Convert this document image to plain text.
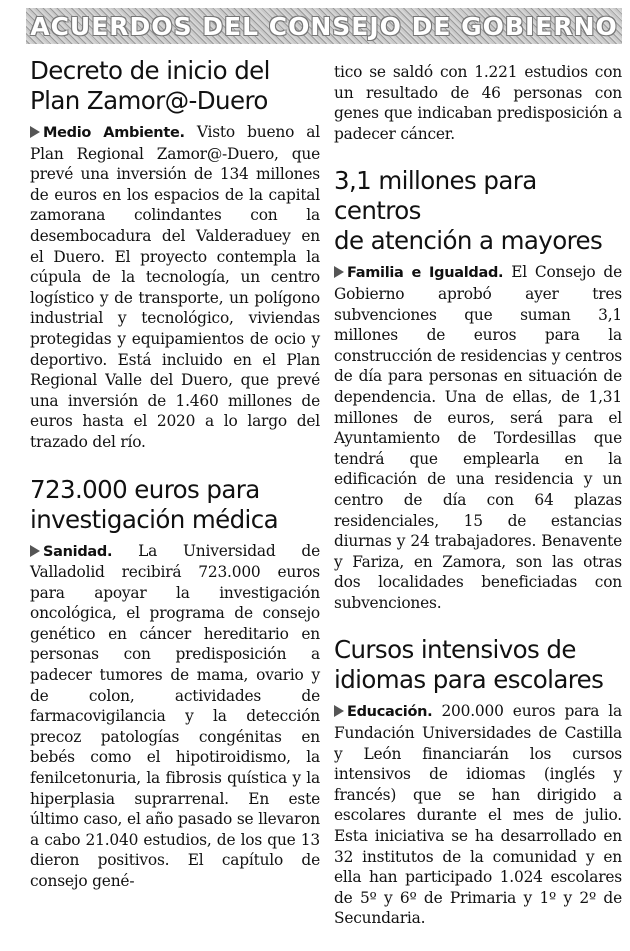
ACUERDOS DEL CONSEJO DE GOBIERNO
Decreto de inicio del
Plan Zamor@-Duero

Medio Ambiente. Visto bueno al Plan Regional Zamor@-Duero, que prevé una inversión de 134 millones de euros en los espacios de la capital zamorana colindantes con la desembocadura del Valderaduey en el Duero. El proyecto contempla la cúpula de la tecnología, un centro logístico y de transporte, un polígono industrial y tecnológico, viviendas protegidas y equipamientos de ocio y deportivo. Está incluido en el Plan Regional Valle del Duero, que prevé una inversión de 1.460 millones de euros hasta el 2020 a lo largo del trazado del río.

723.000 euros para
investigación médica

Sanidad. La Universidad de Valladolid recibirá 723.000 euros para apoyar la investigación oncológica, el programa de consejo genético en cáncer hereditario en personas con predisposición a padecer tumores de mama, ovario y de colon, actividades de farmacovigilancia y la detección precoz patologías congénitas en bebés como el hipotiroidismo, la fenilcetonuria, la fibrosis quística y la hiperplasia suprarrenal. En este último caso, el año pasado se llevaron a cabo 21.040 estudios, de los que 13 dieron positivos. El capítulo de consejo gené-

tico se saldó con 1.221 estudios con un resultado de 46 personas con genes que indicaban predisposición a padecer cáncer.

3,1 millones para centros
de atención a mayores

Familia e Igualdad. El Consejo de Gobierno aprobó ayer tres subvenciones que suman 3,1 millones de euros para la construcción de residencias y centros de día para personas en situación de dependencia. Una de ellas, de 1,31 millones de euros, será para el Ayuntamiento de Tordesillas que tendrá que emplearla en la edificación de una residencia y un centro de día con 64 plazas residenciales, 15 de estancias diurnas y 24 trabajadores. Benavente y Fariza, en Zamora, son las otras dos localidades beneficiadas con subvenciones.

Cursos intensivos de
idiomas para escolares

Educación. 200.000 euros para la Fundación Universidades de Castilla y León financiarán los cursos intensivos de idiomas (inglés y francés) que se han dirigido a escolares durante el mes de julio. Esta iniciativa se ha desarrollado en 32 institutos de la comunidad y en ella han participado 1.024 escolares de 5º y 6º de Primaria y 1º y 2º de Secundaria.
